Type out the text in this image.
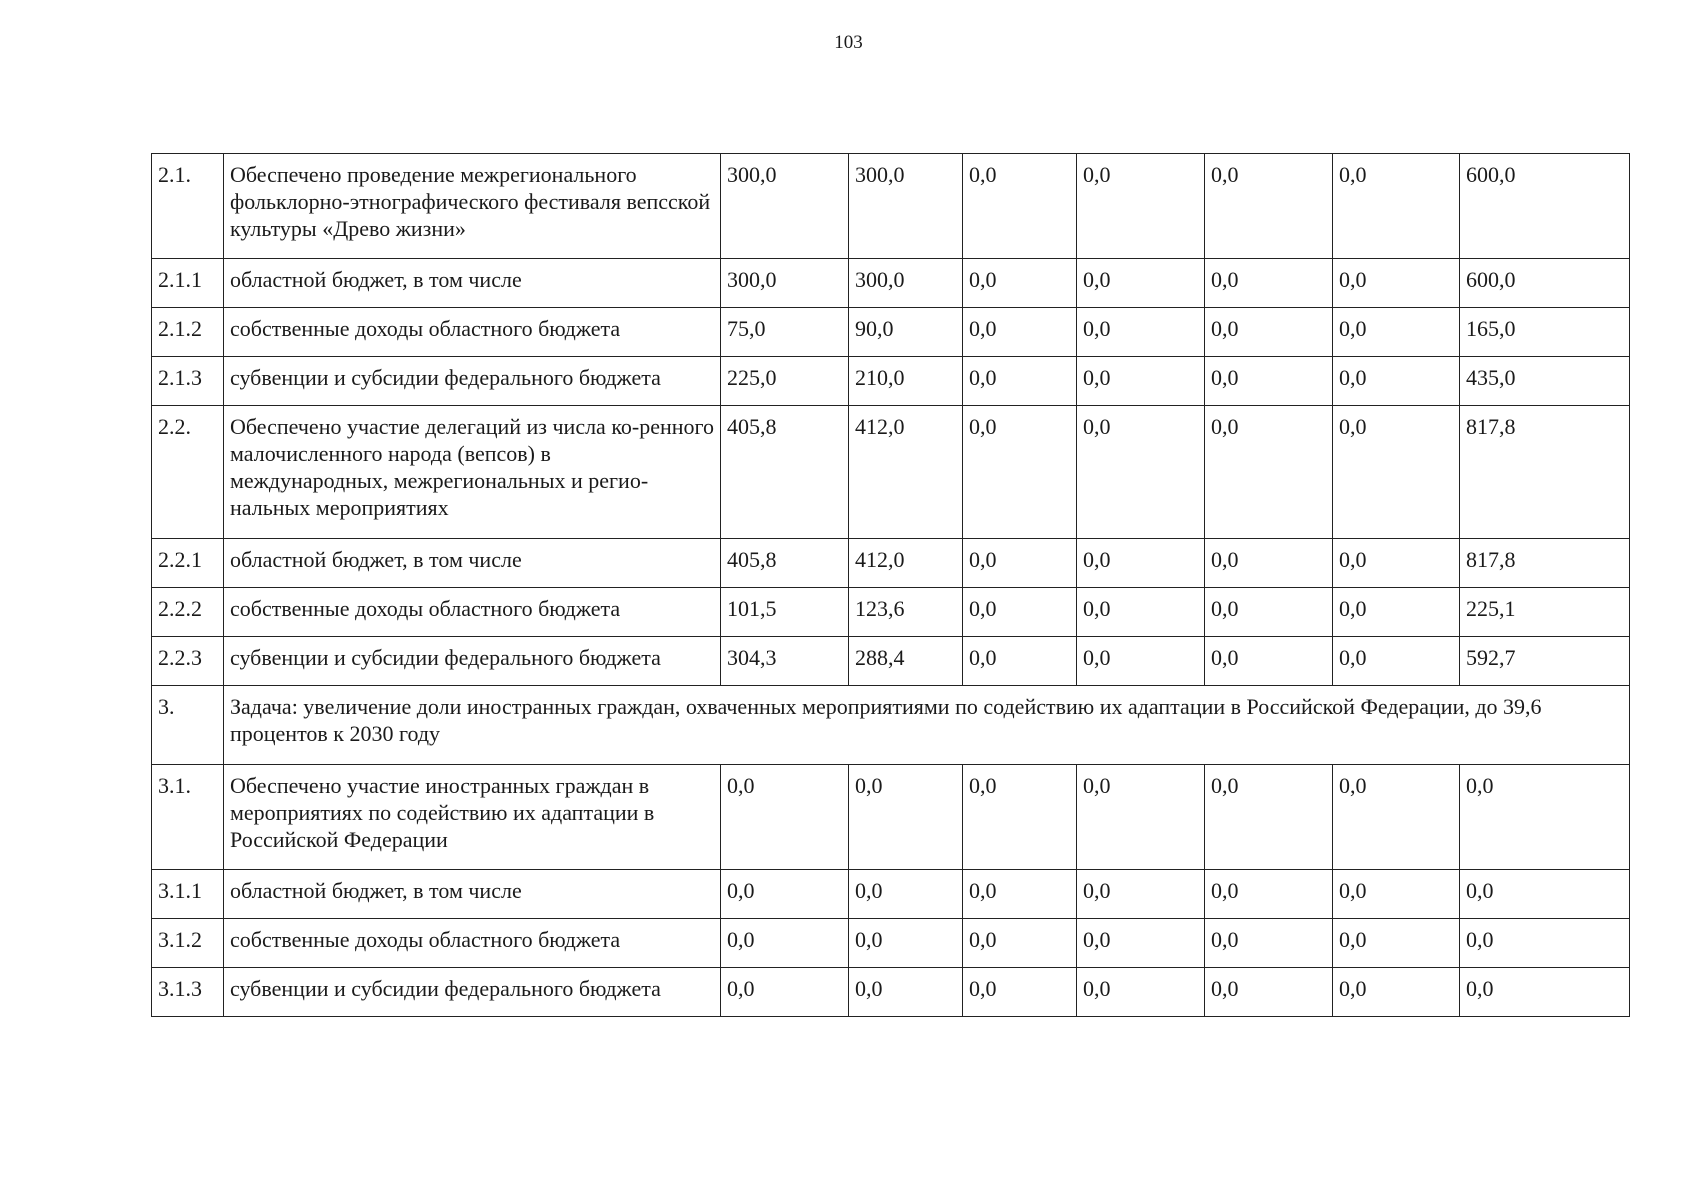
103
2.1.	Обеспечено проведение межрегионального фольклорно-этнографического фестиваля вепсской культуры «Древо жизни»	300,0	300,0	0,0	0,0	0,0	0,0	600,0
2.1.1	областной бюджет, в том числе	300,0	300,0	0,0	0,0	0,0	0,0	600,0
2.1.2	собственные доходы областного бюджета	75,0	90,0	0,0	0,0	0,0	0,0	165,0
2.1.3	субвенции и субсидии федерального бюджета	225,0	210,0	0,0	0,0	0,0	0,0	435,0
2.2.	Обеспечено участие делегаций из числа ко-ренного малочисленного народа (вепсов) в международных, межрегиональных и регио-нальных мероприятиях	405,8	412,0	0,0	0,0	0,0	0,0	817,8
2.2.1	областной бюджет, в том числе	405,8	412,0	0,0	0,0	0,0	0,0	817,8
2.2.2	собственные доходы областного бюджета	101,5	123,6	0,0	0,0	0,0	0,0	225,1
2.2.3	субвенции и субсидии федерального бюджета	304,3	288,4	0,0	0,0	0,0	0,0	592,7
3.	Задача: увеличение доли иностранных граждан, охваченных мероприятиями по содействию их адаптации в Российской Федерации, до 39,6 процентов к 2030 году							
3.1.	Обеспечено участие иностранных граждан в мероприятиях по содействию их адаптации в Российской Федерации	0,0	0,0	0,0	0,0	0,0	0,0	0,0
3.1.1	областной бюджет, в том числе	0,0	0,0	0,0	0,0	0,0	0,0	0,0
3.1.2	собственные доходы областного бюджета	0,0	0,0	0,0	0,0	0,0	0,0	0,0
3.1.3	субвенции и субсидии федерального бюджета	0,0	0,0	0,0	0,0	0,0	0,0	0,0
